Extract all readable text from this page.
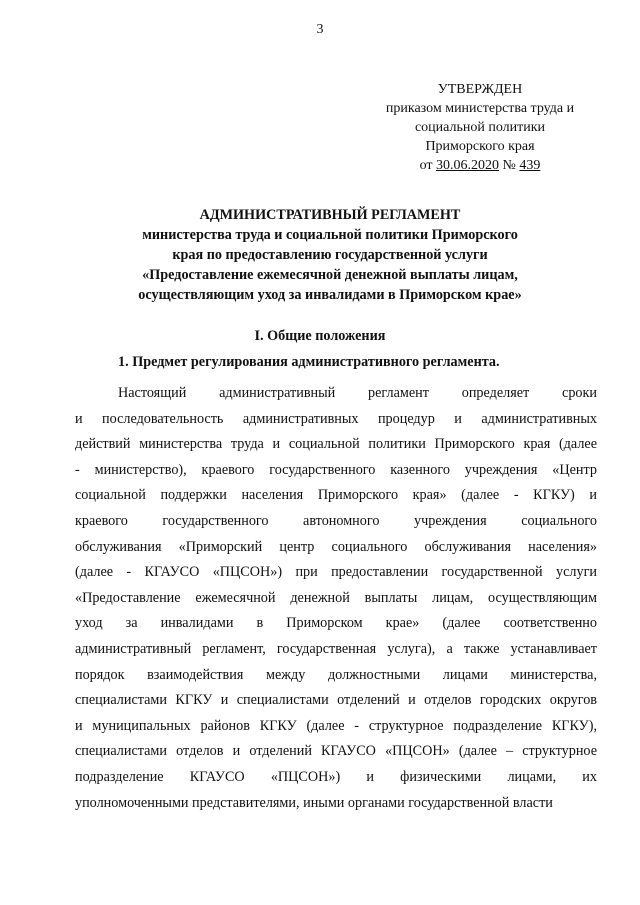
3
УТВЕРЖДЕН
приказом министерства труда и
социальной политики
Приморского края
от 30.06.2020 № 439
АДМИНИСТРАТИВНЫЙ РЕГЛАМЕНТ
министерства труда и социальной политики Приморского
края по предоставлению государственной услуги
«Предоставление ежемесячной денежной выплаты лицам,
осуществляющим уход за инвалидами в Приморском крае»
I. Общие положения
1. Предмет регулирования административного регламента.
Настоящий административный регламент определяет сроки
и последовательность административных процедур и административных
действий министерства труда и социальной политики Приморского края (далее
- министерство), краевого государственного казенного учреждения «Центр
социальной поддержки населения Приморского края» (далее - КГКУ) и
краевого государственного автономного учреждения социального
обслуживания «Приморский центр социального обслуживания населения»
(далее - КГАУСО «ПЦСОН») при предоставлении государственной услуги
«Предоставление ежемесячной денежной выплаты лицам, осуществляющим
уход за инвалидами в Приморском крае» (далее соответственно
административный регламент, государственная услуга), а также устанавливает
порядок взаимодействия между должностными лицами министерства,
специалистами КГКУ и специалистами отделений и отделов городских округов
и муниципальных районов КГКУ (далее - структурное подразделение КГКУ),
специалистами отделов и отделений КГАУСО «ПЦСОН» (далее – структурное
подразделение КГАУСО «ПЦСОН») и физическими лицами, их
уполномоченными представителями, иными органами государственной власти
